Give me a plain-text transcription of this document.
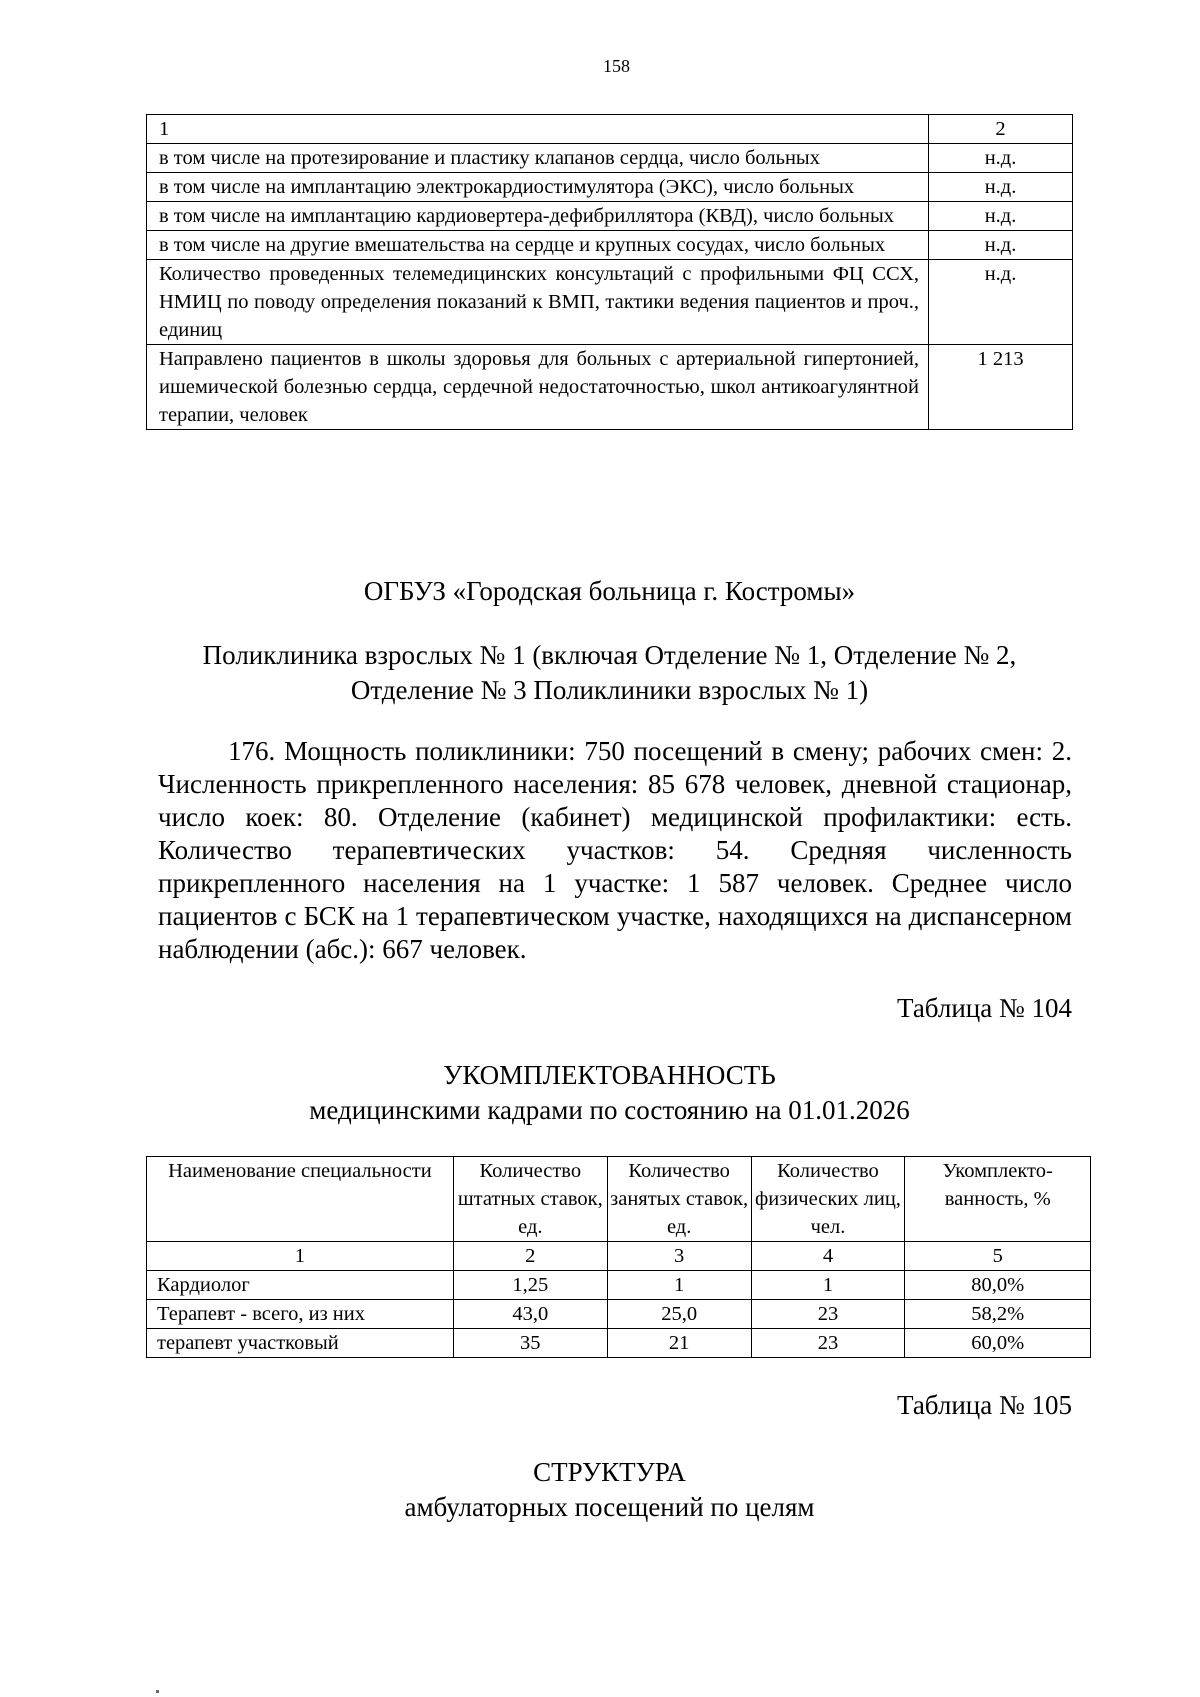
158
1	2
в том числе на протезирование и пластику клапанов сердца, число больных	н.д.
в том числе на имплантацию электрокардиостимулятора (ЭКС), число больных	н.д.
в том числе на имплантацию кардиовертера-дефибриллятора (КВД), число больных	н.д.
в том числе на другие вмешательства на сердце и крупных сосудах, число больных	н.д.
Количество проведенных телемедицинских консультаций с профильными ФЦ ССХ, НМИЦ по поводу определения показаний к ВМП, тактики ведения пациентов и проч., единиц	н.д.
Направлено пациентов в школы здоровья для больных с артериальной гипертонией, ишемической болезнью сердца, сердечной недостаточностью, школ антикоагулянтной терапии, человек	1 213
ОГБУЗ «Городская больница г. Костромы»
Поликлиника взрослых № 1 (включая Отделение № 1, Отделение № 2,
Отделение № 3 Поликлиники взрослых № 1)
176. Мощность поликлиники: 750 посещений в смену; рабочих смен: 2. Численность прикрепленного населения: 85 678 человек, дневной стационар, число коек: 80. Отделение (кабинет) медицинской профилактики: есть. Количество терапевтических участков: 54. Средняя численность прикрепленного населения на 1 участке: 1 587 человек. Среднее число пациентов с БСК на 1 терапевтическом участке, находящихся на диспансерном наблюдении (абс.): 667 человек.
Таблица № 104
УКОМПЛЕКТОВАННОСТЬ
медицинскими кадрами по состоянию на 01.01.2026
Наименование специальности	Количество штатных ставок, ед.	Количество занятых ставок, ед.	Количество физических лиц, чел.	Укомплекто-ванность, %
1	2	3	4	5
Кардиолог	1,25	1	1	80,0%
Терапевт - всего, из них	43,0	25,0	23	58,2%
терапевт участковый	35	21	23	60,0%
Таблица № 105
СТРУКТУРА
амбулаторных посещений по целям
